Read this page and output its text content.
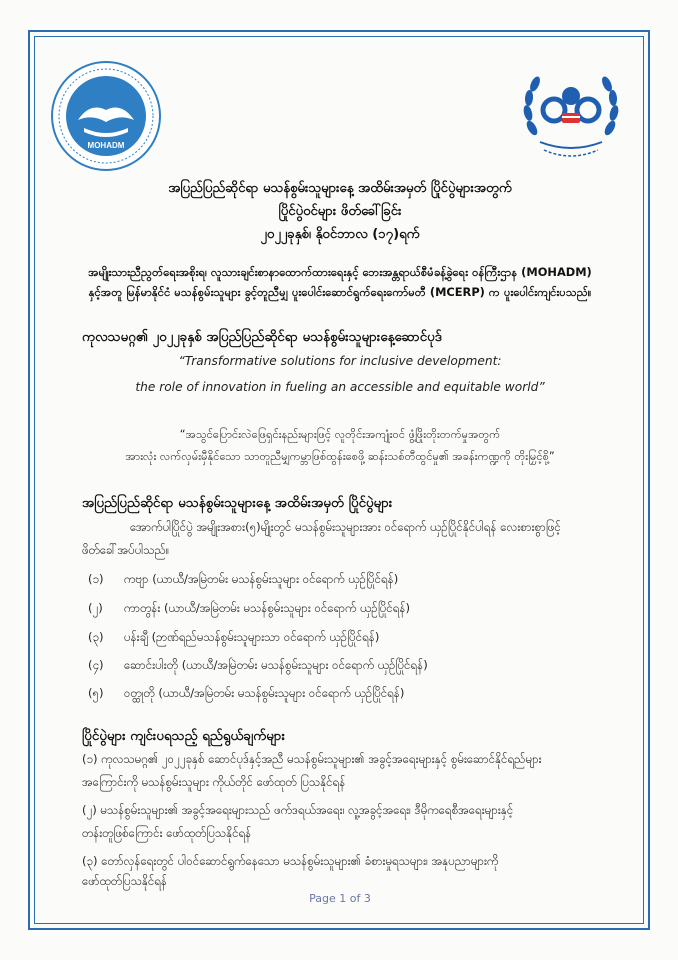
MOHADM
အပြည်ပြည်ဆိုင်ရာ မသန်စွမ်းသူများနေ့ အထိမ်းအမှတ် ပြိုင်ပွဲများအတွက်
ပြိုင်ပွဲဝင်များ ဖိတ်ခေါ်ခြင်း
၂၀၂၂ခုနှစ်၊ နိုဝင်ဘာလ (၁၇)ရက်
အမျိုးသားညီညွတ်ရေးအစိုးရ၊ လူသားချင်းစာနာထောက်ထားရေးနှင့် ဘေးအန္တရာယ်စီမံခန့်ခွဲရေး ဝန်ကြီးဌာန (MOHADM)
နှင့်အတူ မြန်မာနိုင်ငံ မသန်စွမ်းသူများ ခွင့်တူညီမျှ ပူးပေါင်းဆောင်ရွက်ရေးကော်မတီ (MCERP) က ပူးပေါင်းကျင်းပသည်။
ကုလသမဂ္ဂ၏ ၂၀၂၂ခုနှစ် အပြည်ပြည်ဆိုင်ရာ မသန်စွမ်းသူများနေ့ဆောင်ပုဒ်
“Transformative solutions for inclusive development:
the role of innovation in fueling an accessible and equitable world”
“အသွင်ပြောင်းလဲဖြေရှင်းနည်းများဖြင့် လူတိုင်းအကျုံးဝင် ဖွံ့ဖြိုးတိုးတက်မှုအတွက်
အားလုံး လက်လှမ်းမှီနိုင်သော သာတူညီမျှကမ္ဘာဖြစ်ထွန်းစေဖို့ ဆန်းသစ်တီထွင်မှု၏ အခန်းကဏ္ဍကို တိုးမြှင့်စို့”
အပြည်ပြည်ဆိုင်ရာ မသန်စွမ်းသူများနေ့ အထိမ်းအမှတ် ပြိုင်ပွဲများ
အောက်ပါပြိုင်ပွဲ အမျိုးအစား(၅)မျိုးတွင် မသန်စွမ်းသူများအား ဝင်ရောက် ယှဉ်ပြိုင်နိုင်ပါရန် လေးစားစွာဖြင့်
ဖိတ်ခေါ်အပ်ပါသည်။
(၁) ကဗျာ (ယာယီ/အမြဲတမ်း မသန်စွမ်းသူများ ဝင်ရောက် ယှဉ်ပြိုင်ရန်)
(၂) ကာတွန်း (ယာယီ/အမြဲတမ်း မသန်စွမ်းသူများ ဝင်ရောက် ယှဉ်ပြိုင်ရန်)
(၃) ပန်းချီ (ဉာဏ်ရည်မသန်စွမ်းသူများသာ ဝင်ရောက် ယှဉ်ပြိုင်ရန်)
(၄) ဆောင်းပါးတို (ယာယီ/အမြဲတမ်း မသန်စွမ်းသူများ ဝင်ရောက် ယှဉ်ပြိုင်ရန်)
(၅) ဝတ္ထုတို (ယာယီ/အမြဲတမ်း မသန်စွမ်းသူများ ဝင်ရောက် ယှဉ်ပြိုင်ရန်)
ပြိုင်ပွဲများ ကျင်းပရသည့် ရည်ရွယ်ချက်များ
(၁) ကုလသမဂ္ဂ၏ ၂၀၂၂ခုနှစ် ဆောင်ပုဒ်နှင့်အညီ မသန်စွမ်းသူများ၏ အခွင့်အရေးများနှင့် စွမ်းဆောင်နိုင်ရည်များ
အကြောင်းကို မသန်စွမ်းသူများ ကိုယ်တိုင် ဖော်ထုတ် ပြသနိုင်ရန်
(၂) မသန်စွမ်းသူများ၏ အခွင့်အရေးများသည် ဖက်ဒရယ်အရေး၊ လူ့အခွင့်အရေး၊ ဒီမိုကရေစီအရေးများနှင့်
တန်းတူဖြစ်ကြောင်း ဖော်ထုတ်ပြသနိုင်ရန်
(၃) တော်လှန်ရေးတွင် ပါဝင်ဆောင်ရွက်နေသော မသန်စွမ်းသူများ၏ ခံစားမှုရသများ၊ အနုပညာများကို
ဖော်ထုတ်ပြသနိုင်ရန်
Page 1 of 3
